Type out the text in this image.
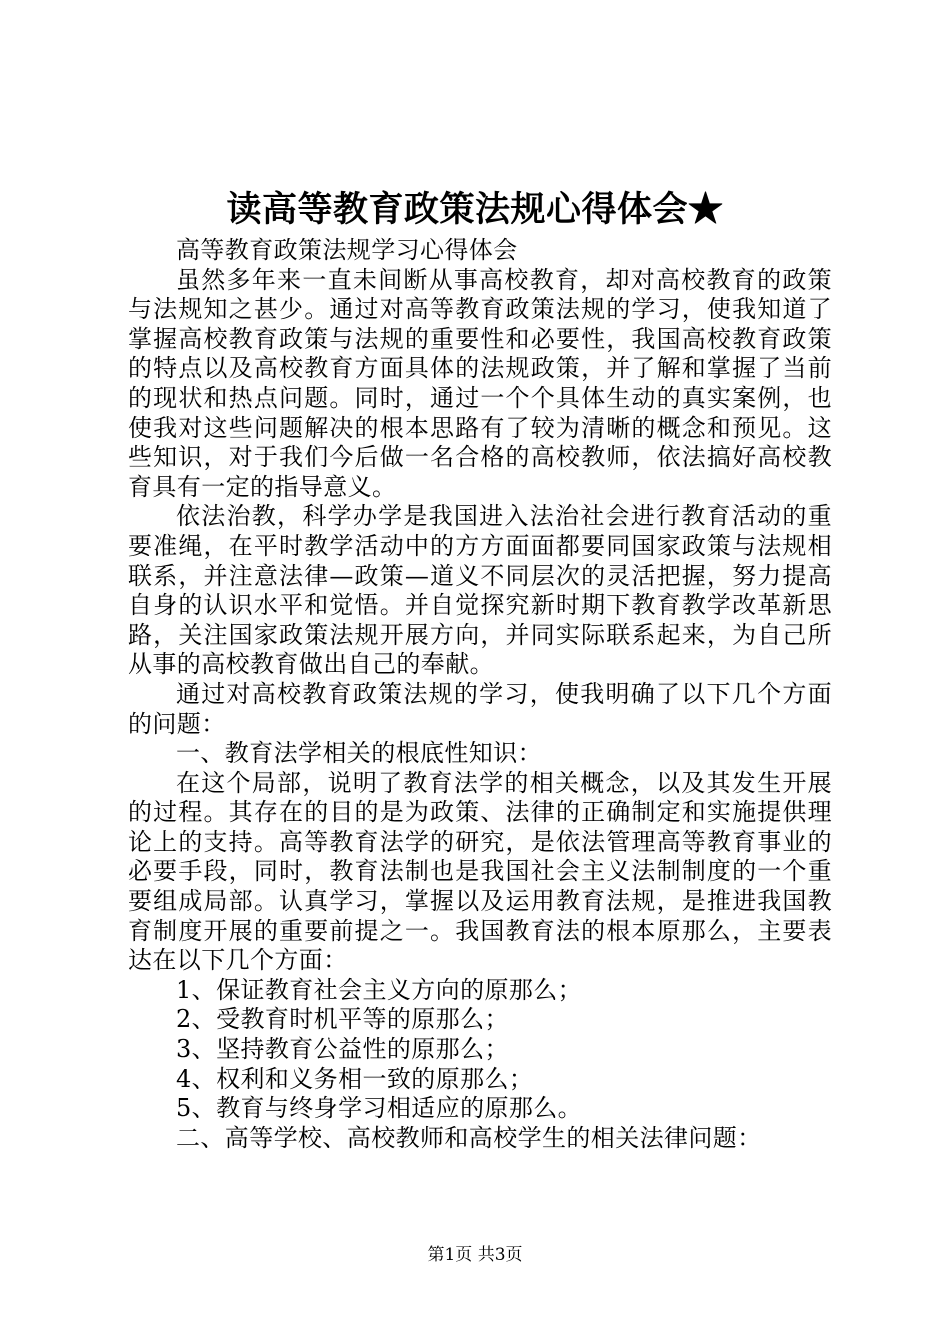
读高等教育政策法规心得体会★

高等教育政策法规学习心得体会

虽然多年来一直未间断从事高校教育，却对高校教育的政策与法规知之甚少。通过对高等教育政策法规的学习，使我知道了掌握高校教育政策与法规的重要性和必要性，我国高校教育政策的特点以及高校教育方面具体的法规政策，并了解和掌握了当前的现状和热点问题。同时，通过一个个具体生动的真实案例，也使我对这些问题解决的根本思路有了较为清晰的概念和预见。这些知识，对于我们今后做一名合格的高校教师，依法搞好高校教育具有一定的指导意义。

依法治教，科学办学是我国进入法治社会进行教育活动的重要准绳，在平时教学活动中的方方面面都要同国家政策与法规相联系，并注意法律—政策—道义不同层次的灵活把握，努力提高自身的认识水平和觉悟。并自觉探究新时期下教育教学改革新思路，关注国家政策法规开展方向，并同实际联系起来，为自己所从事的高校教育做出自己的奉献。

通过对高校教育政策法规的学习，使我明确了以下几个方面的问题：

一、教育法学相关的根底性知识：

在这个局部，说明了教育法学的相关概念，以及其发生开展的过程。其存在的目的是为政策、法律的正确制定和实施提供理论上的支持。高等教育法学的研究，是依法管理高等教育事业的必要手段，同时，教育法制也是我国社会主义法制制度的一个重要组成局部。认真学习，掌握以及运用教育法规，是推进我国教育制度开展的重要前提之一。我国教育法的根本原那么，主要表达在以下几个方面：

1、保证教育社会主义方向的原那么；

2、受教育时机平等的原那么；

3、坚持教育公益性的原那么；

4、权利和义务相一致的原那么；

5、教育与终身学习相适应的原那么。

二、高等学校、高校教师和高校学生的相关法律问题：

第1页 共3页
